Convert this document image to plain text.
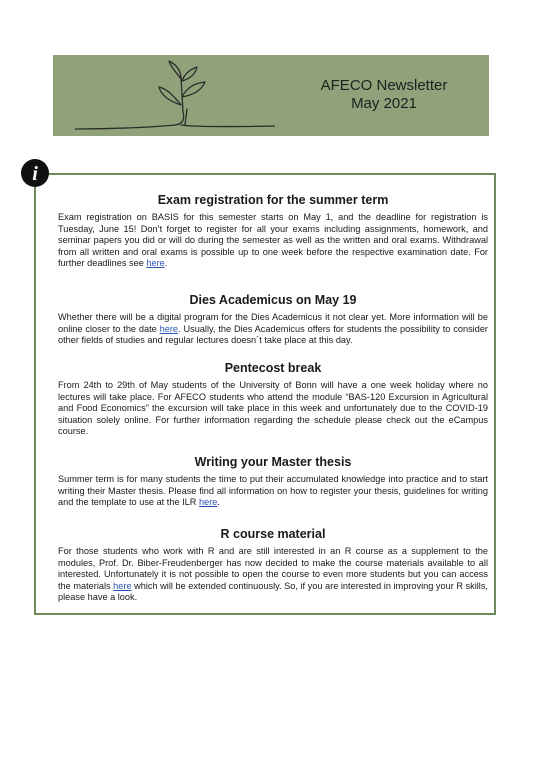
AFECO Newsletter
May 2021
i
Exam registration for the summer term

Exam registration on BASIS for this semester starts on May 1, and the deadline for registration is Tuesday, June 15! Don’t forget to register for all your exams including assignments, homework, and seminar papers you did or will do during the semester as well as the written and oral exams. Withdrawal from all written and oral exams is possible up to one week before the respective examination date. For further deadlines see here.

Dies Academicus on May 19

Whether there will be a digital program for the Dies Academicus it not clear yet. More information will be online closer to the date here. Usually, the Dies Academicus offers for students the possibility to consider other fields of studies and regular lectures doesn´t take place at this day.

Pentecost break

From 24th to 29th of May students of the University of Bonn will have a one week holiday where no lectures will take place. For AFECO students who attend the module “BAS-120 Excursion in Agricultural and Food Economics” the excursion will take place in this week and unfortunately due to the COVID-19 situation solely online. For further information regarding the schedule please check out the eCampus course.

Writing your Master thesis

Summer term is for many students the time to put their accumulated knowledge into practice and to start writing their Master thesis. Please find all information on how to register your thesis, guidelines for writing and the template to use at the ILR here.

R course material

For those students who work with R and are still interested in an R course as a supplement to the modules, Prof. Dr. Biber-Freudenberger has now decided to make the course materials available to all interested. Unfortunately it is not possible to open the course to even more students but you can access the materials here which will be extended continuously. So, if you are interested in improving your R skills, please have a look.
